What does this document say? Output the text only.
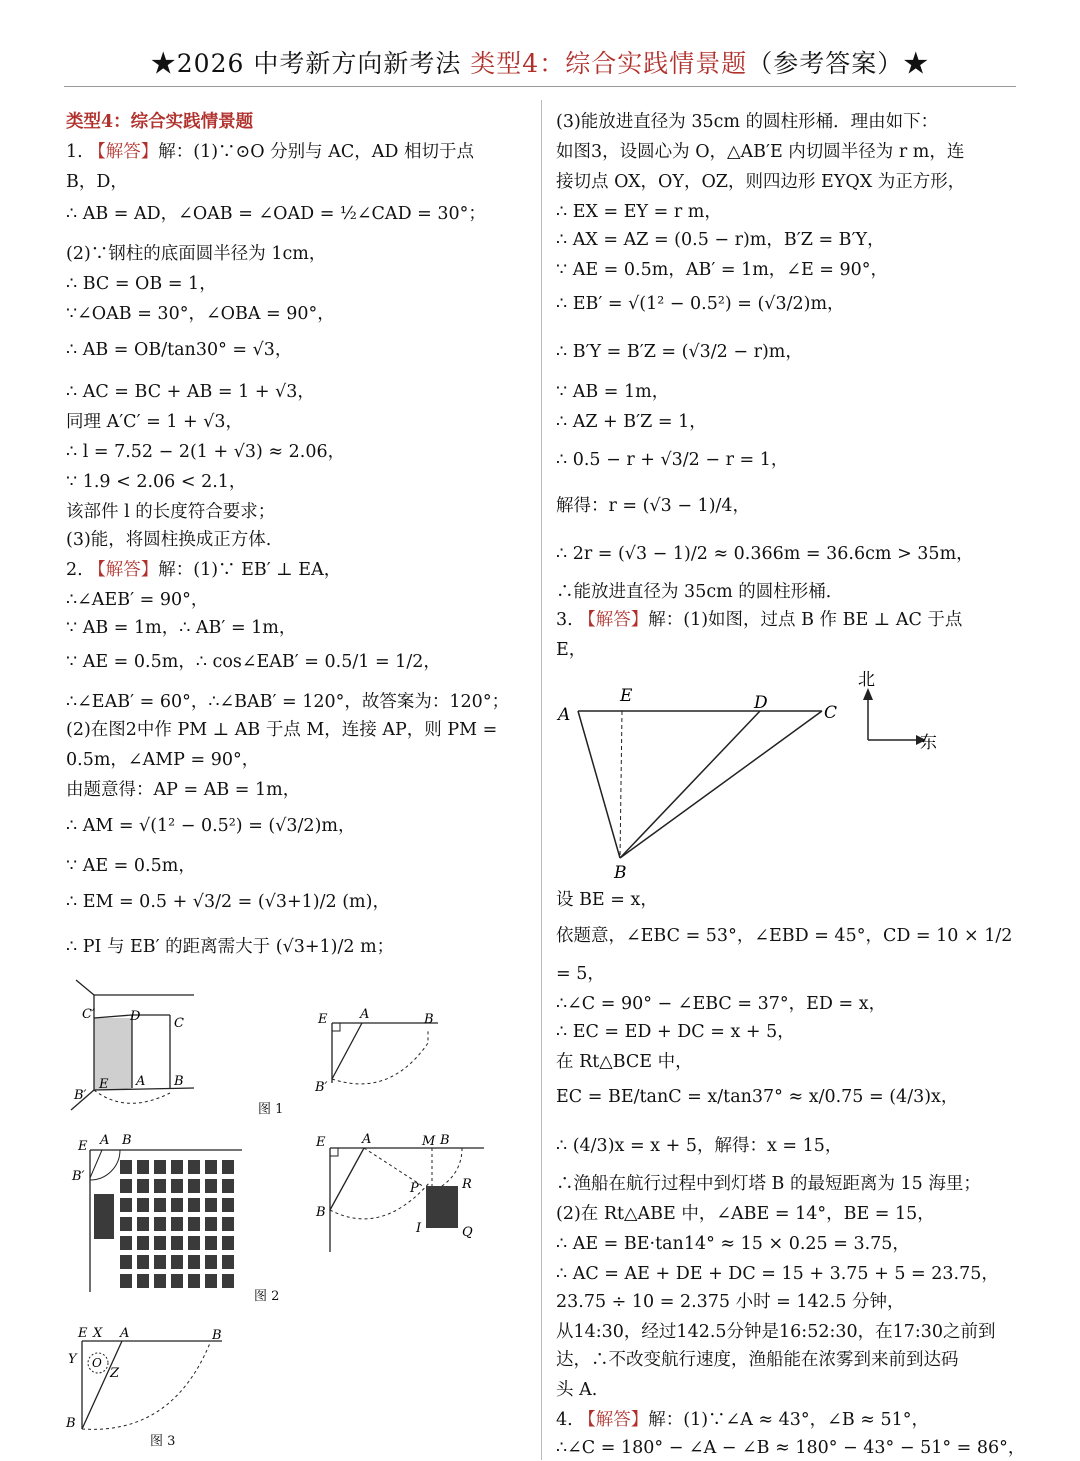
★2026 中考新方向新考法 类型4：综合实践情景题（参考答案）★
类型4：综合实践情景题
1. 【解答】解：(1)∵⊙O 分别与 AC，AD 相切于点
B，D，
∴ AB = AD，∠OAB = ∠OAD = ½∠CAD = 30°；
(2)∵钢柱的底面圆半径为 1cm，
∴ BC = OB = 1，
∵∠OAB = 30°，∠OBA = 90°，
∴ AB = OB/tan30° = √3，
∴ AC = BC + AB = 1 + √3，
同理 A′C′ = 1 + √3，
∴ l = 7.52 − 2(1 + √3) ≈ 2.06，
∵ 1.9 < 2.06 < 2.1，
该部件 l 的长度符合要求；
(3)能，将圆柱换成正方体.
2. 【解答】解：(1)∵ EB′ ⊥ EA，
∴∠AEB′ = 90°，
∵ AB = 1m，∴ AB′ = 1m，
∵ AE = 0.5m，∴ cos∠EAB′ = 0.5/1 = 1/2，
∴∠EAB′ = 60°，∴∠BAB′ = 120°，故答案为：120°；
(2)在图2中作 PM ⊥ AB 于点 M，连接 AP，则 PM =
0.5m，∠AMP = 90°，
由题意得：AP = AB = 1m，
∴ AM = √(1² − 0.5²) = (√3/2)m，
∵ AE = 0.5m，
∴ EM = 0.5 + √3/2 = (√3+1)/2 (m)，
∴ PI 与 EB′ 的距离需大于 (√3+1)/2 m；
(3)能放进直径为 35cm 的圆柱形桶．理由如下：
如图3，设圆心为 O，△AB′E 内切圆半径为 r m，连
接切点 OX，OY，OZ，则四边形 EYQX 为正方形，
∴ EX = EY = r m，
∴ AX = AZ = (0.5 − r)m，B′Z = B′Y，
∵ AE = 0.5m，AB′ = 1m，∠E = 90°，
∴ EB′ = √(1² − 0.5²) = (√3/2)m，
∴ B′Y = B′Z = (√3/2 − r)m，
∵ AB = 1m，
∴ AZ + B′Z = 1，
∴ 0.5 − r + √3/2 − r = 1，
解得：r = (√3 − 1)/4，
∴ 2r = (√3 − 1)/2 ≈ 0.366m = 36.6cm > 35m，
∴能放进直径为 35cm 的圆柱形桶．
3. 【解答】解：(1)如图，过点 B 作 BE ⊥ AC 于点
E，
设 BE = x，
依题意，∠EBC = 53°，∠EBD = 45°，CD = 10 × 1/2
= 5，
∴∠C = 90° − ∠EBC = 37°，ED = x，
∴ EC = ED + DC = x + 5，
在 Rt△BCE 中，
EC = BE/tanC = x/tan37° ≈ x/0.75 = (4/3)x，
∴ (4/3)x = x + 5，解得：x = 15，
∴渔船在航行过程中到灯塔 B 的最短距离为 15 海里；
(2)在 Rt△ABE 中，∠ABE = 14°，BE = 15，
∴ AE = BE·tan14° ≈ 15 × 0.25 = 3.75，
∴ AC = AE + DE + DC = 15 + 3.75 + 5 = 23.75，
23.75 ÷ 10 = 2.375 小时 = 142.5 分钟，
从14:30，经过142.5分钟是16:52:30，在17:30之前到
达，∴不改变航行速度，渔船能在浓雾到来前到达码
头 A.
4. 【解答】解：(1)∵∠A ≈ 43°，∠B ≈ 51°，
∴∠C = 180° − ∠A − ∠B ≈ 180° − 43° − 51° = 86°，
C′	D	C
E A B
B′
图 1
E	A	B
B′
E A B
B′
图 2
E	A	M B
P	R
I	Q
B
E X A	B
Y O
Z
B
图 3
A
E	D	C
B
北
东
